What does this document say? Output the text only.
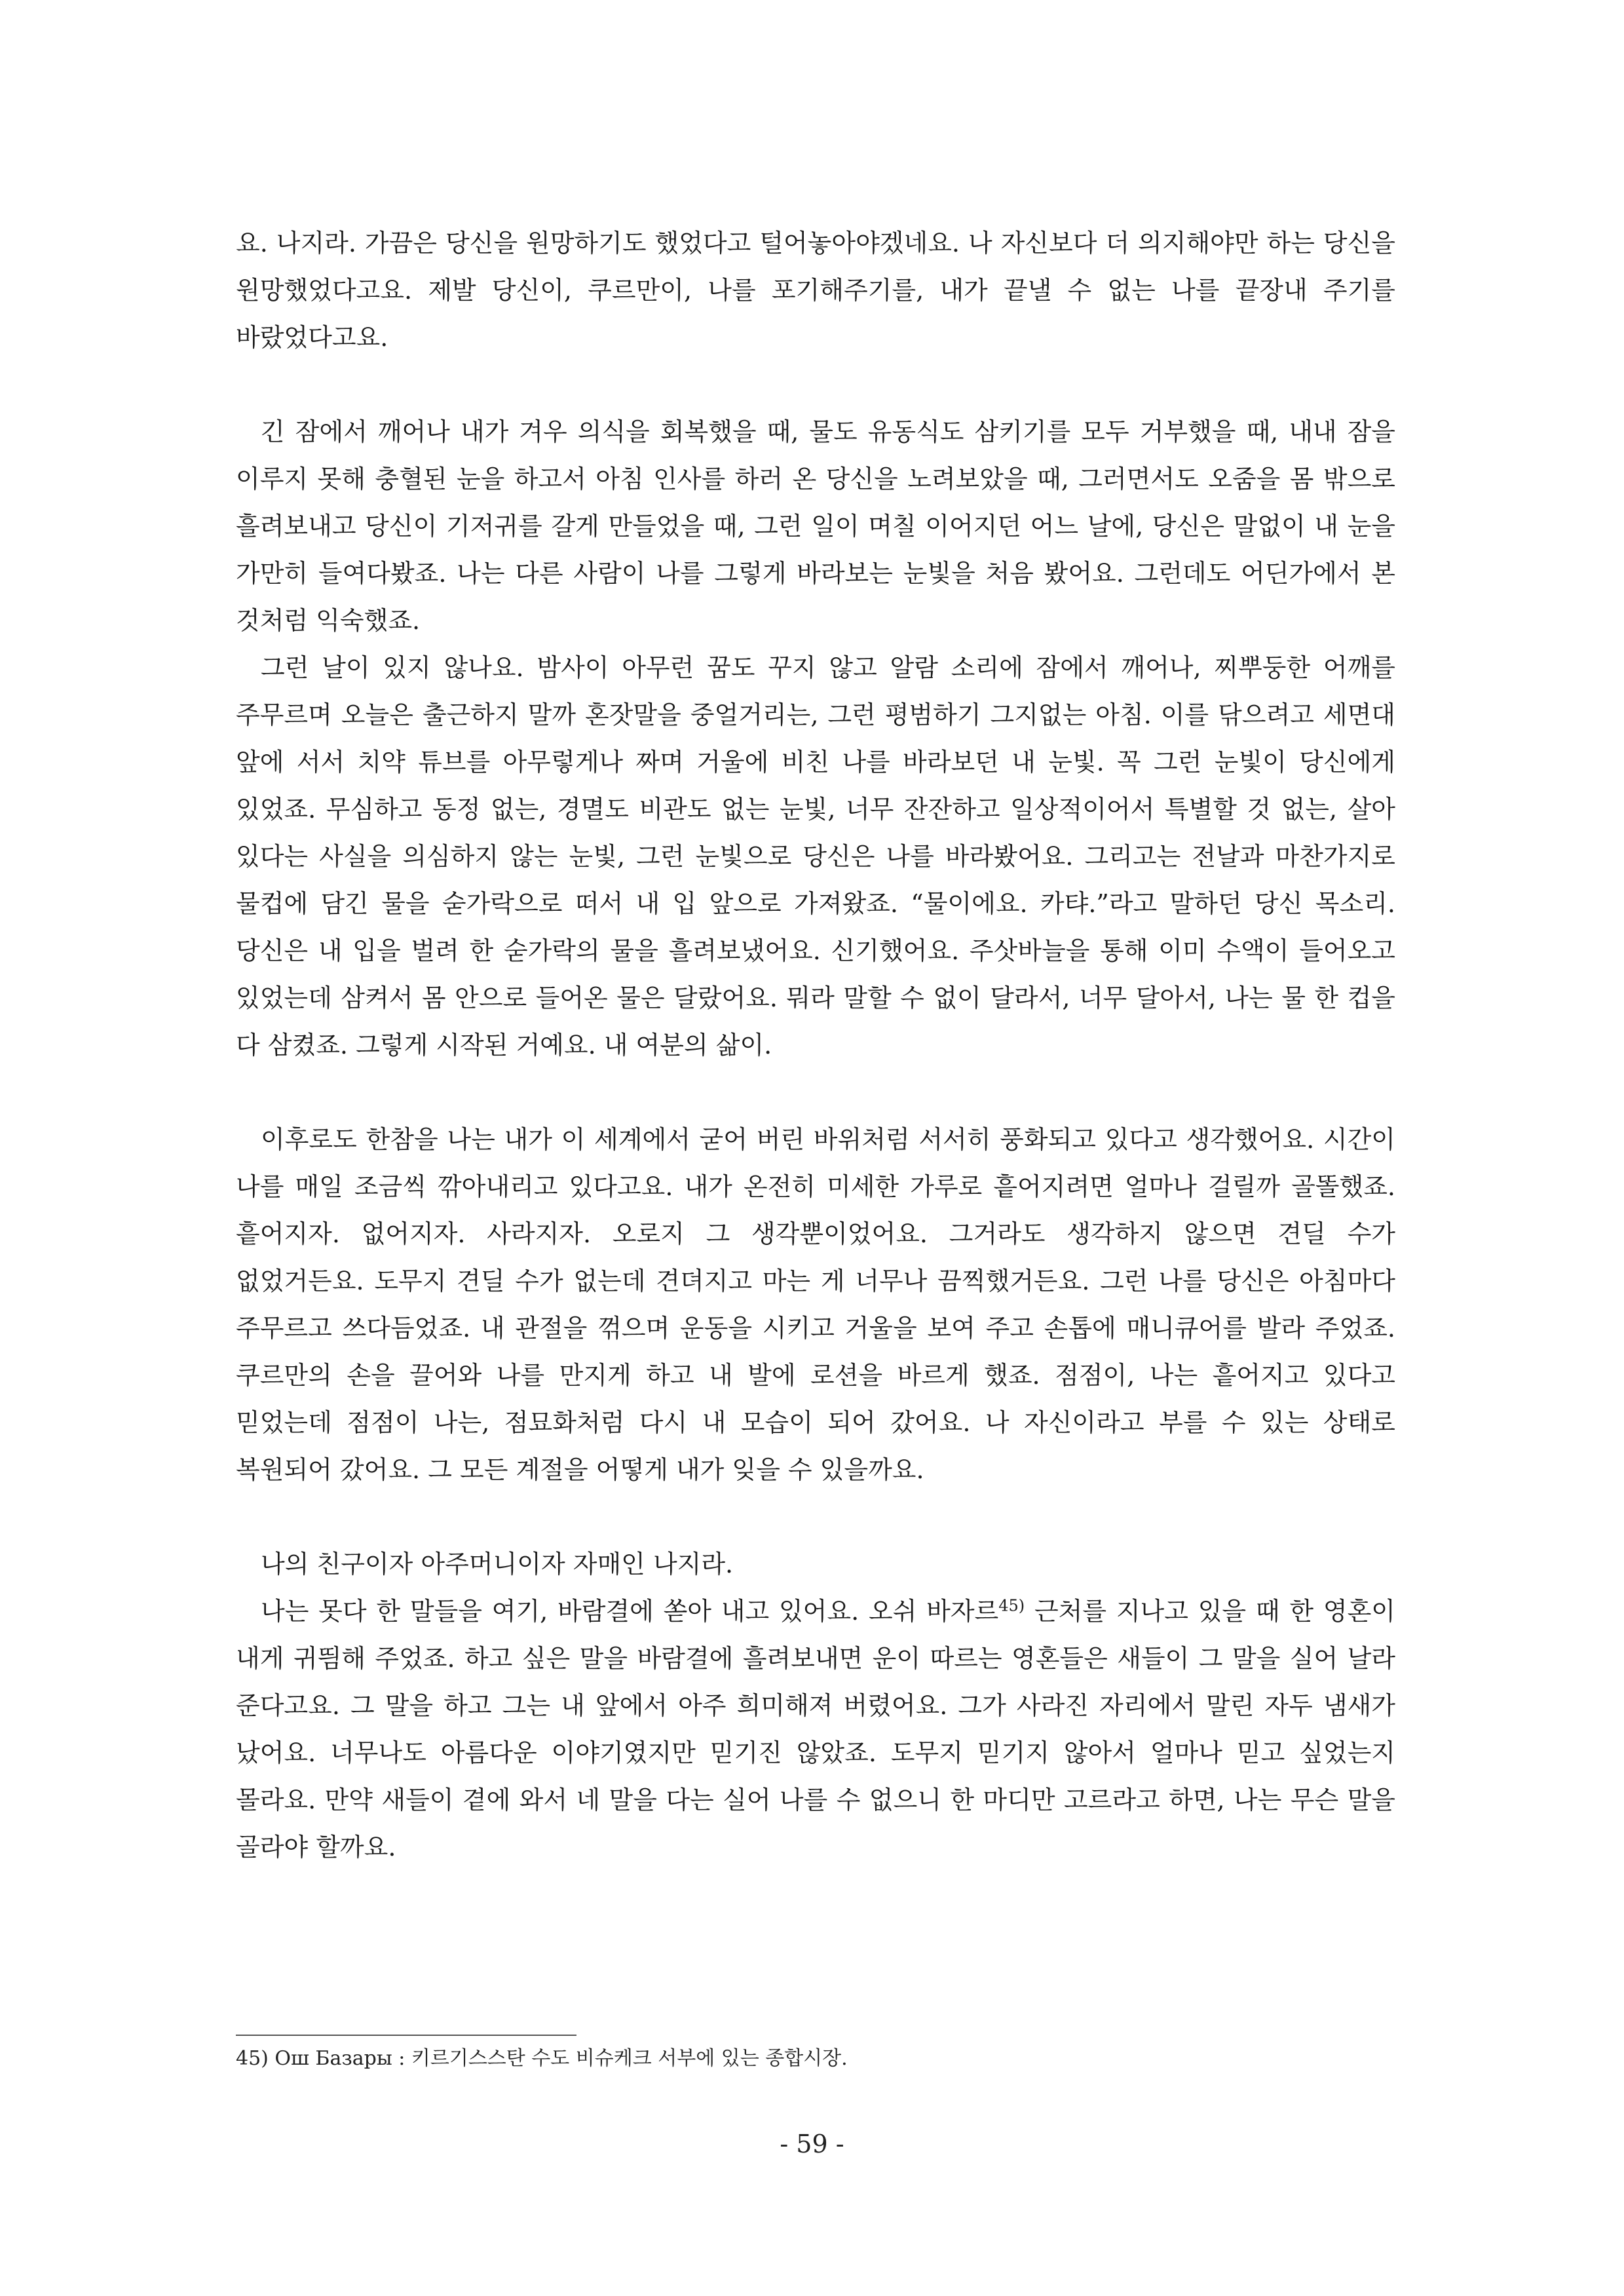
요. 나지라. 가끔은 당신을 원망하기도 했었다고 털어놓아야겠네요. 나 자신보다 더 의지해야만 하는 당신을 원망했었다고요. 제발 당신이, 쿠르만이, 나를 포기해주기를, 내가 끝낼 수 없는 나를 끝장내 주기를 바랐었다고요.

긴 잠에서 깨어나 내가 겨우 의식을 회복했을 때, 물도 유동식도 삼키기를 모두 거부했을 때, 내내 잠을 이루지 못해 충혈된 눈을 하고서 아침 인사를 하러 온 당신을 노려보았을 때, 그러면서도 오줌을 몸 밖으로 흘려보내고 당신이 기저귀를 갈게 만들었을 때, 그런 일이 며칠 이어지던 어느 날에, 당신은 말없이 내 눈을 가만히 들여다봤죠. 나는 다른 사람이 나를 그렇게 바라보는 눈빛을 처음 봤어요. 그런데도 어딘가에서 본 것처럼 익숙했죠.

그런 날이 있지 않나요. 밤사이 아무런 꿈도 꾸지 않고 알람 소리에 잠에서 깨어나, 찌뿌둥한 어깨를 주무르며 오늘은 출근하지 말까 혼잣말을 중얼거리는, 그런 평범하기 그지없는 아침. 이를 닦으려고 세면대 앞에 서서 치약 튜브를 아무렇게나 짜며 거울에 비친 나를 바라보던 내 눈빛. 꼭 그런 눈빛이 당신에게 있었죠. 무심하고 동정 없는, 경멸도 비관도 없는 눈빛, 너무 잔잔하고 일상적이어서 특별할 것 없는, 살아 있다는 사실을 의심하지 않는 눈빛, 그런 눈빛으로 당신은 나를 바라봤어요. 그리고는 전날과 마찬가지로 물컵에 담긴 물을 숟가락으로 떠서 내 입 앞으로 가져왔죠. “물이에요. 카탸.”라고 말하던 당신 목소리. 당신은 내 입을 벌려 한 숟가락의 물을 흘려보냈어요. 신기했어요. 주삿바늘을 통해 이미 수액이 들어오고 있었는데 삼켜서 몸 안으로 들어온 물은 달랐어요. 뭐라 말할 수 없이 달라서, 너무 달아서, 나는 물 한 컵을 다 삼켰죠. 그렇게 시작된 거예요. 내 여분의 삶이.

이후로도 한참을 나는 내가 이 세계에서 굳어 버린 바위처럼 서서히 풍화되고 있다고 생각했어요. 시간이 나를 매일 조금씩 깎아내리고 있다고요. 내가 온전히 미세한 가루로 흩어지려면 얼마나 걸릴까 골똘했죠. 흩어지자. 없어지자. 사라지자. 오로지 그 생각뿐이었어요. 그거라도 생각하지 않으면 견딜 수가 없었거든요. 도무지 견딜 수가 없는데 견뎌지고 마는 게 너무나 끔찍했거든요. 그런 나를 당신은 아침마다 주무르고 쓰다듬었죠. 내 관절을 꺾으며 운동을 시키고 거울을 보여 주고 손톱에 매니큐어를 발라 주었죠. 쿠르만의 손을 끌어와 나를 만지게 하고 내 발에 로션을 바르게 했죠. 점점이, 나는 흩어지고 있다고 믿었는데 점점이 나는, 점묘화처럼 다시 내 모습이 되어 갔어요. 나 자신이라고 부를 수 있는 상태로 복원되어 갔어요. 그 모든 계절을 어떻게 내가 잊을 수 있을까요.

나의 친구이자 아주머니이자 자매인 나지라.

나는 못다 한 말들을 여기, 바람결에 쏟아 내고 있어요. 오쉬 바자르$^{45)}$ 근처를 지나고 있을 때 한 영혼이 내게 귀띔해 주었죠. 하고 싶은 말을 바람결에 흘려보내면 운이 따르는 영혼들은 새들이 그 말을 실어 날라 준다고요. 그 말을 하고 그는 내 앞에서 아주 희미해져 버렸어요. 그가 사라진 자리에서 말린 자두 냄새가 났어요. 너무나도 아름다운 이야기였지만 믿기진 않았죠. 도무지 믿기지 않아서 얼마나 믿고 싶었는지 몰라요. 만약 새들이 곁에 와서 네 말을 다는 실어 나를 수 없으니 한 마디만 고르라고 하면, 나는 무슨 말을 골라야 할까요.

45) Ош Базары : 키르기스스탄 수도 비슈케크 서부에 있는 종합시장.
- 59 -
